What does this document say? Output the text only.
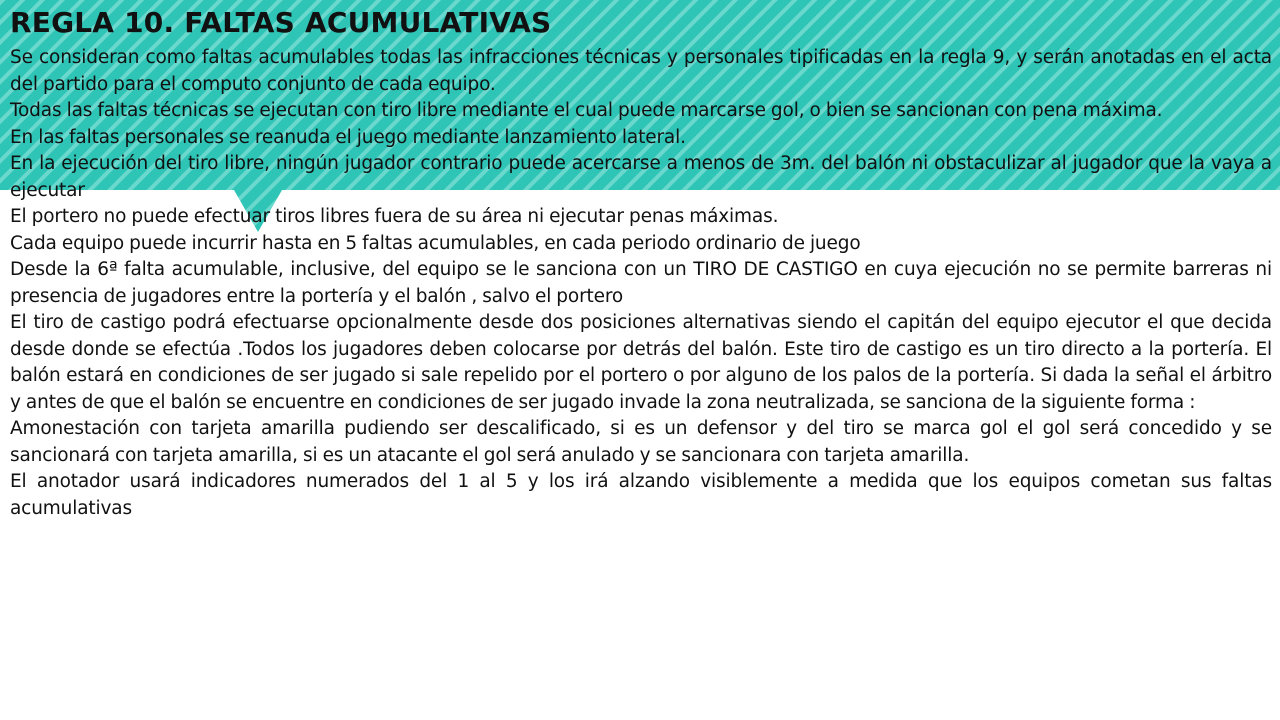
REGLA 10. FALTAS ACUMULATIVAS

Se consideran como faltas acumulables todas las infracciones técnicas y personales tipificadas en la regla 9, y serán anotadas en el acta del partido para el computo conjunto de cada equipo.

Todas las faltas técnicas se ejecutan con tiro libre mediante el cual puede marcarse gol, o bien se sancionan con pena máxima.

En las faltas personales se reanuda el juego mediante lanzamiento lateral.

En la ejecución del tiro libre, ningún jugador contrario puede acercarse a menos de 3m. del balón ni obstaculizar al jugador que la vaya a ejecutar

El portero no puede efectuar tiros libres fuera de su área ni ejecutar penas máximas.

Cada equipo puede incurrir hasta en 5 faltas acumulables, en cada periodo ordinario de juego

Desde la 6ª falta acumulable, inclusive, del equipo se le sanciona con un TIRO DE CASTIGO en cuya ejecución no se permite barreras ni presencia de jugadores entre la portería y el balón , salvo el portero

El tiro de castigo podrá efectuarse opcionalmente desde dos posiciones alternativas siendo el capitán del equipo ejecutor el que decida desde donde se efectúa .Todos los jugadores deben colocarse por detrás del balón. Este tiro de castigo es un tiro directo a la portería. El balón estará en condiciones de ser jugado si sale repelido por el portero o por alguno de los palos de la portería. Si dada la señal el árbitro y antes de que el balón se encuentre en condiciones de ser jugado invade la zona neutralizada, se sanciona de la siguiente forma :

Amonestación con tarjeta amarilla pudiendo ser descalificado, si es un defensor y del tiro se marca gol el gol será concedido y se sancionará con tarjeta amarilla, si es un atacante el gol será anulado y se sancionara con tarjeta amarilla.

El anotador usará indicadores numerados del 1 al 5 y los irá alzando visiblemente a medida que los equipos cometan sus faltas acumulativas
